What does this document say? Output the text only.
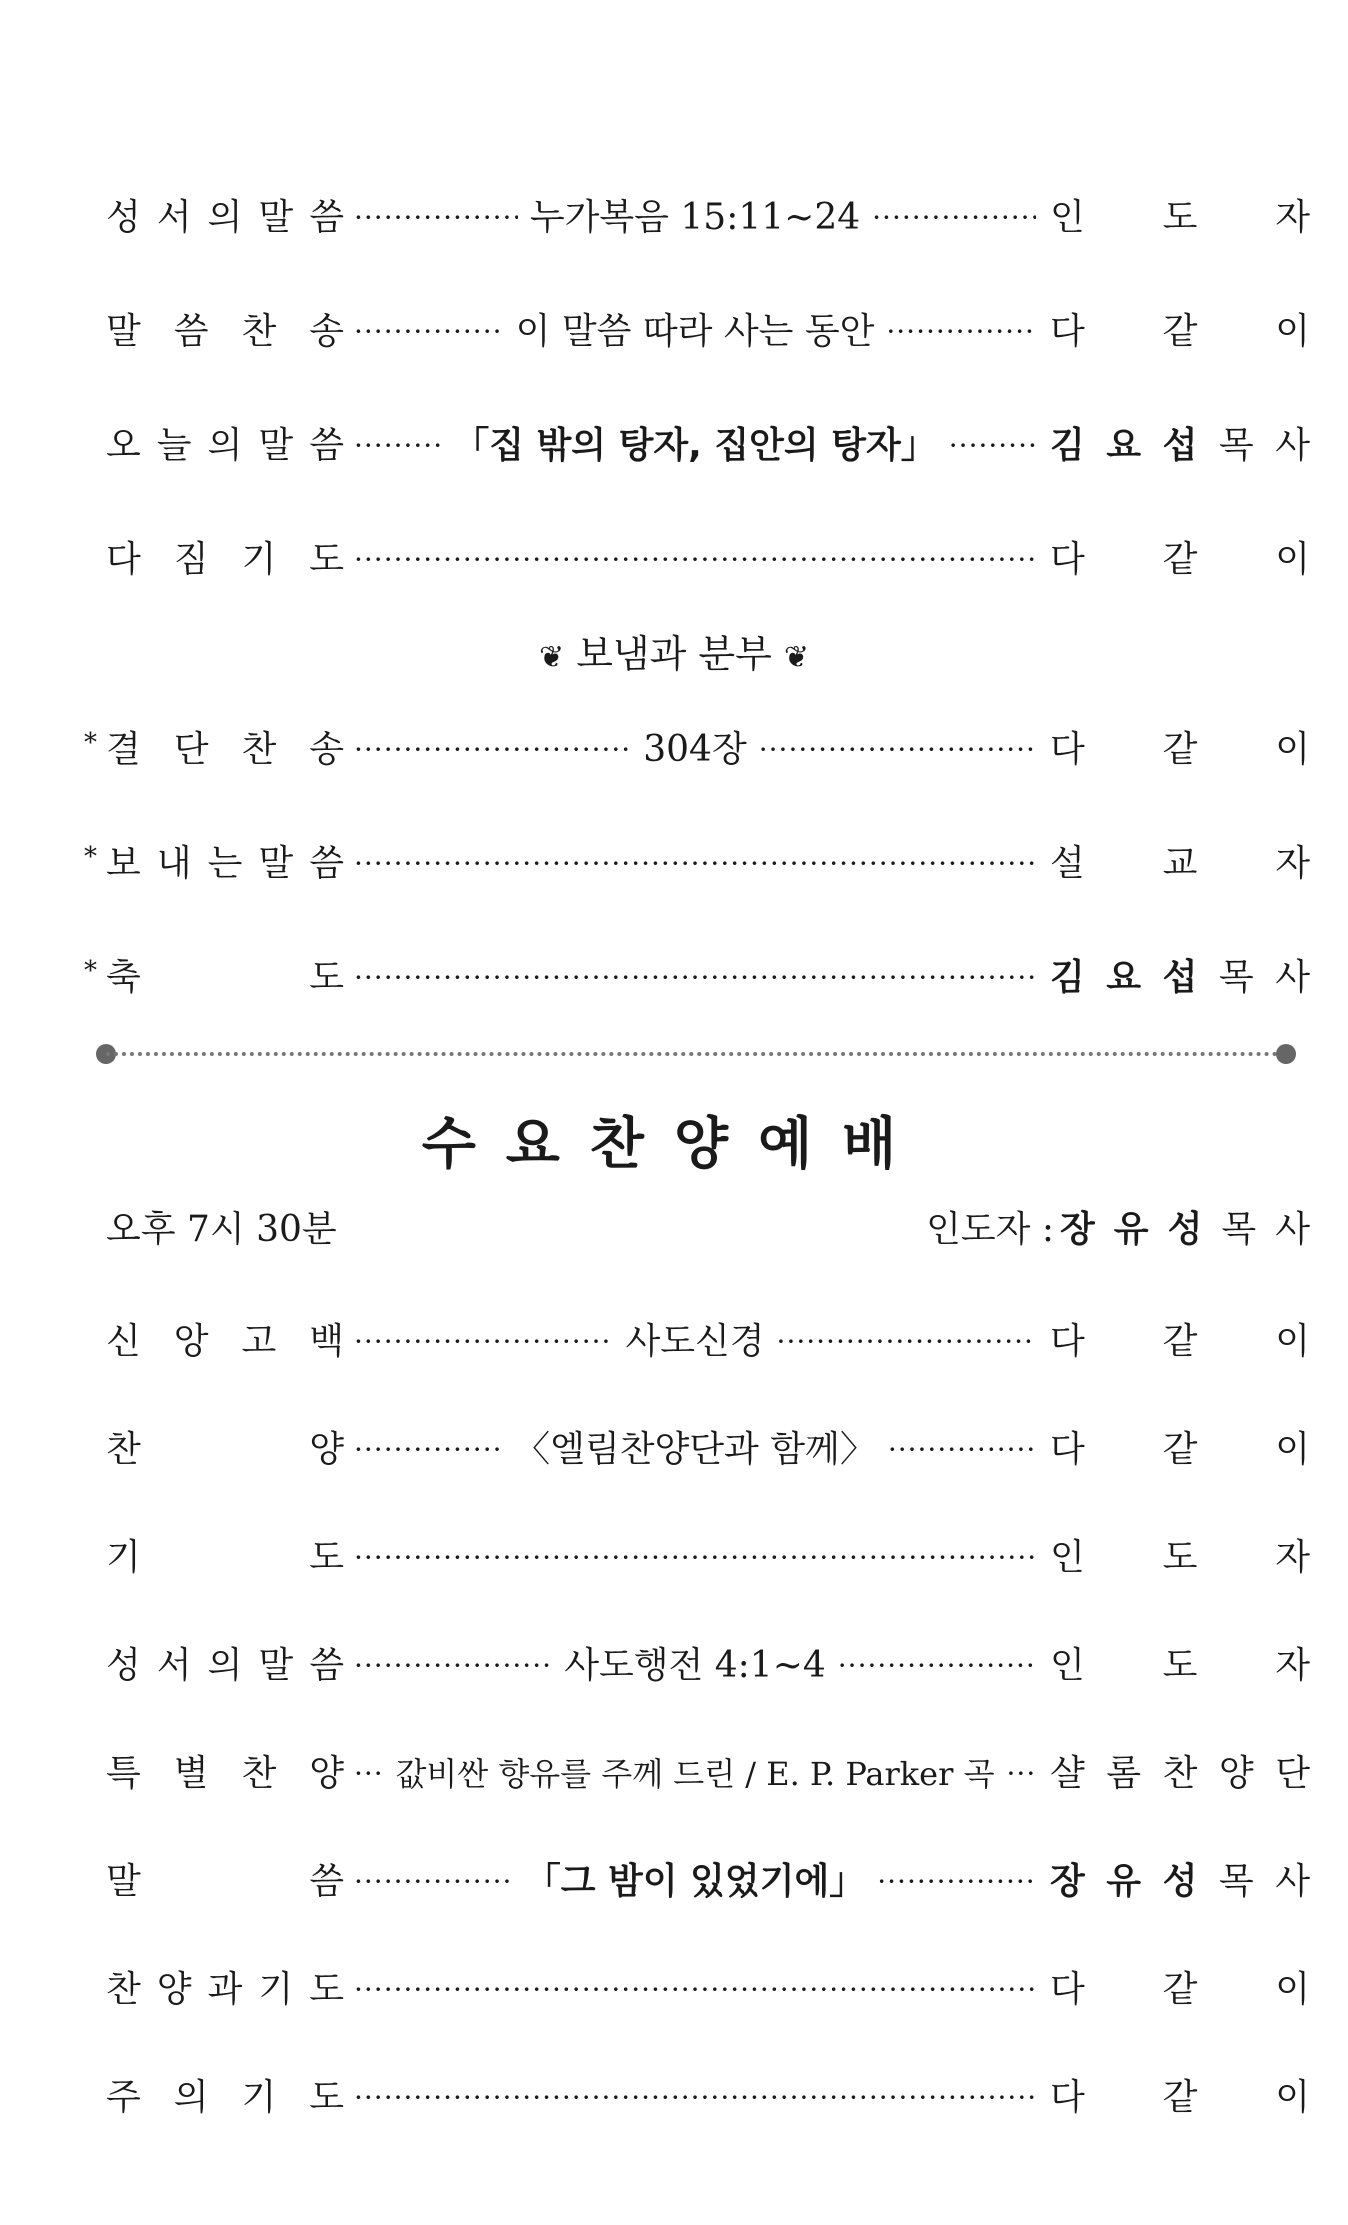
성 서 의 말 씀 ·····	누가복음 15:11~24 ·····	인 도 자
말 씀 찬 송 ·····	이 말씀 따라 사는 동안 ·····	다 같 이
오 늘 의 말 씀 ·····	「집 밖의 탕자, 집안의 탕자」 ·····	김 요 섭 목 사
다 짐 기 도 ·····	다 같 이
❦ 보냄과 분부 ❦
* 결 단 찬 송 ·····	304장 ·····	다 같 이
* 보 내 는 말 씀 ·····	설 교 자
* 축	도 ·····	김 요 섭 목 사
수요찬양예배
오후 7시 30분	인도자 : 장 유 성 목 사
신 앙 고 백 ·····	사도신경 ·····	다 같 이
찬	양 ·····	〈엘림찬양단과 함께〉 ·····	다 같 이
기	도 ·····	인 도 자
성 서 의 말 씀 ·····	사도행전 4:1~4 ·····	인 도 자
특 별 찬 양 ·····	값비싼 향유를 주께 드린 / E. P. Parker 곡 ·····	샬 롬 찬 양 단
말	씀 ·····	「그 밤이 있었기에」 ·····	장 유 성 목 사
찬 양 과 기 도 ·····	다 같 이
주 의 기 도 ·····	다 같 이
